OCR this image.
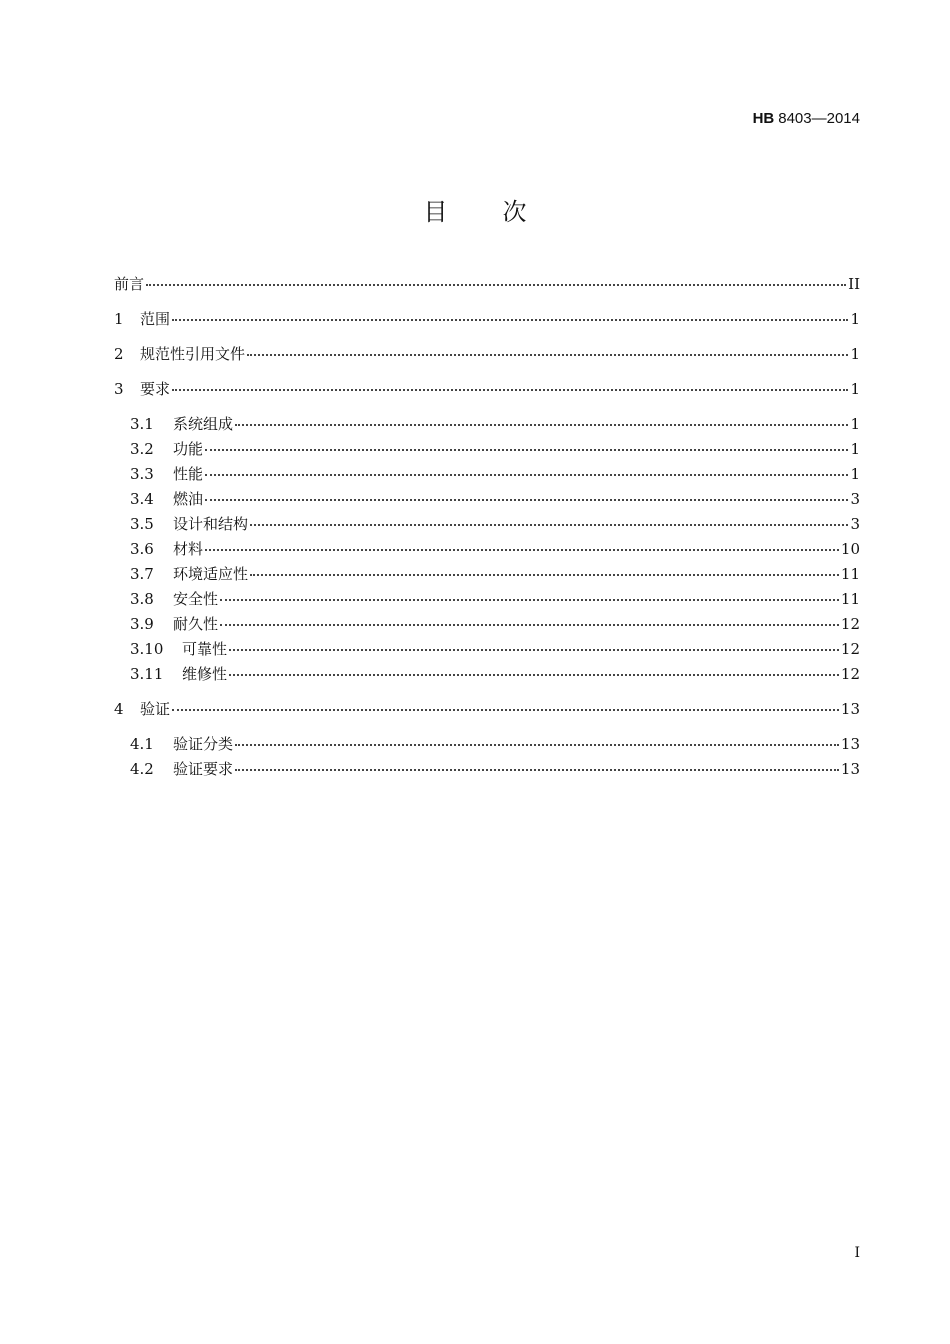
HB 8403—2014
目 次
前言	II
1	范围	1
2	规范性引用文件	1
3	要求	1
3.1	系统组成	1
3.2	功能	1
3.3	性能	1
3.4	燃油	3
3.5	设计和结构	3
3.6	材料	10
3.7	环境适应性	11
3.8	安全性	11
3.9	耐久性	12
3.10	可靠性	12
3.11	维修性	12
4	验证	13
4.1	验证分类	13
4.2	验证要求	13
I
